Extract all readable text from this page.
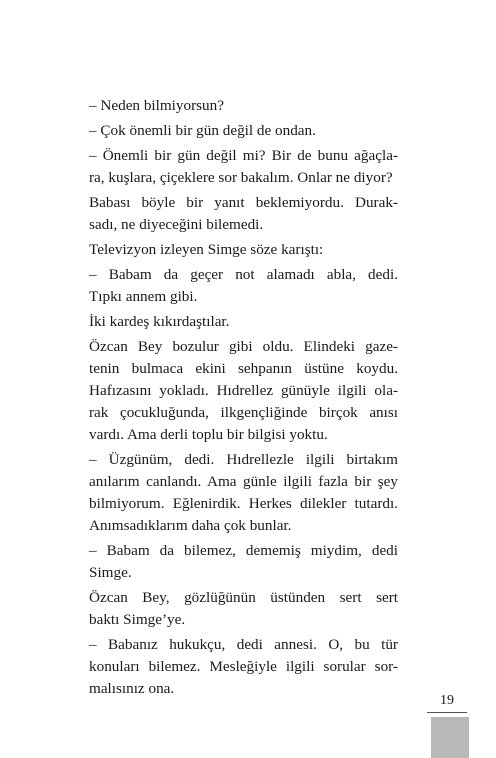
– Neden bilmiyorsun?
– Çok önemli bir gün değil de ondan.
– Önemli bir gün değil mi? Bir de bunu ağaçla-
ra, kuşlara, çiçeklere sor bakalım. Onlar ne diyor?
Babası böyle bir yanıt beklemiyordu. Durak-
sadı, ne diyeceğini bilemedi.
Televizyon izleyen Simge söze karıştı:
– Babam da geçer not alamadı abla, dedi.
Tıpkı annem gibi.
İki kardeş kıkırdaştılar.
Özcan Bey bozulur gibi oldu. Elindeki gaze-
tenin bulmaca ekini sehpanın üstüne koydu.
Hafızasını yokladı. Hıdrellez günüyle ilgili ola-
rak çocukluğunda, ilkgençliğinde birçok anısı
vardı. Ama derli toplu bir bilgisi yoktu.
– Üzgünüm, dedi. Hıdrellezle ilgili birtakım
anılarım canlandı. Ama günle ilgili fazla bir şey
bilmiyorum. Eğlenirdik. Herkes dilekler tutardı.
Anımsadıklarım daha çok bunlar.
– Babam da bilemez, dememiş miydim, dedi
Simge.
Özcan Bey, gözlüğünün üstünden sert sert
baktı Simge’ye.
– Babanız hukukçu, dedi annesi. O, bu tür
konuları bilemez. Mesleğiyle ilgili sorular sor-
malısınız ona.
19
